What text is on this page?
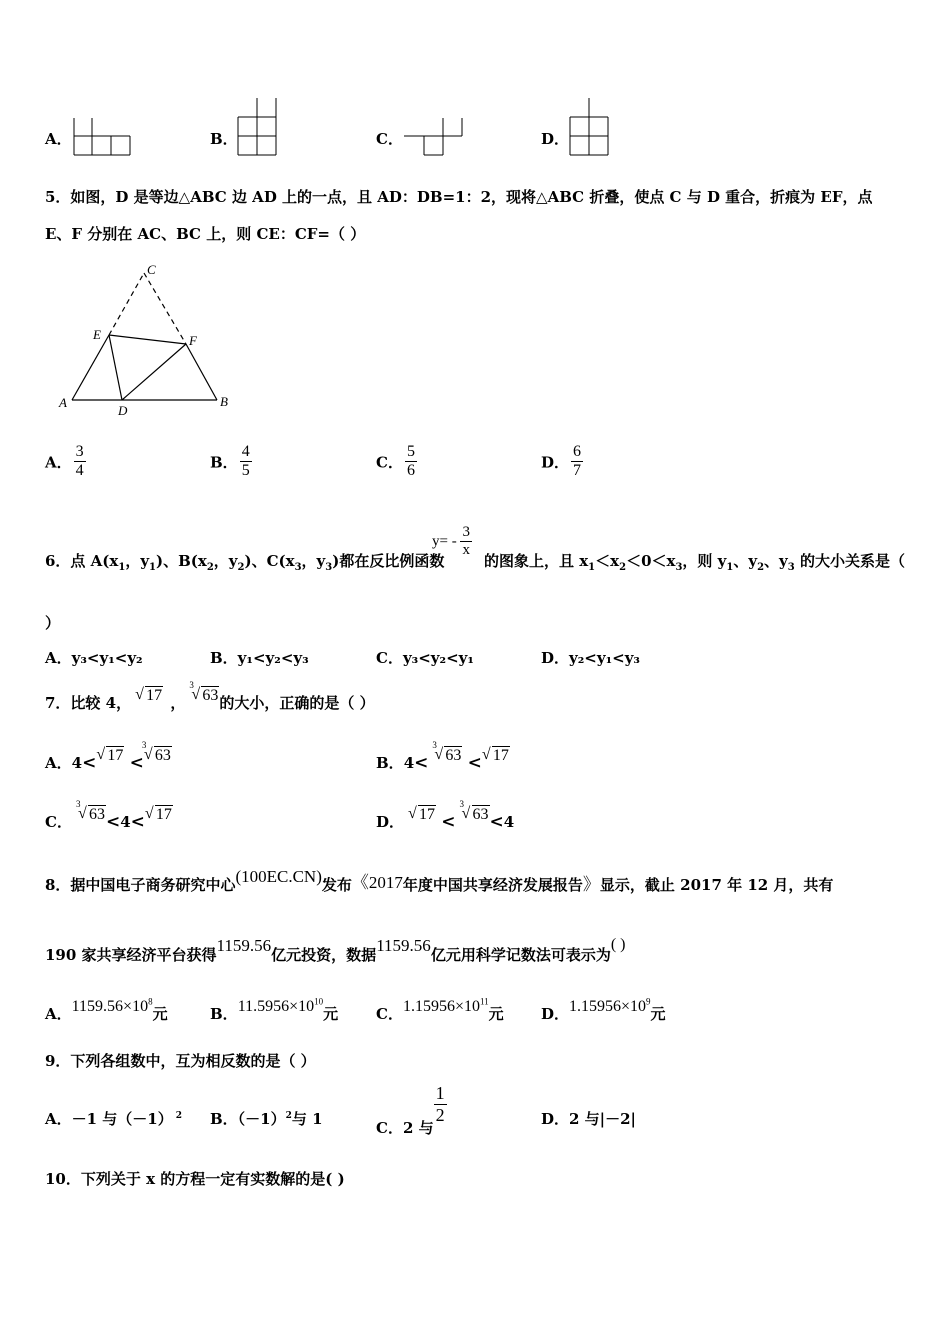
A．	B．	C．	D．
5．如图，D 是等边△ABC 边 AD 上的一点，且 AD：DB=1：2，现将△ABC 折叠，使点 C 与 D 重合，折痕为 EF，点
E、F 分别在 AC、BC 上，则 CE：CF=（ ）
C
E	F
A
D
B
A． $\frac{3}{4}$	B． $\frac{4}{5}$	C． $\frac{5}{6}$	D． $\frac{6}{7}$
6．点 $A(x_1$，$y_1$)、$B(x_2$，$y_2$)、$C(x_3$，$y_3$)都在反比例函数
$y= - \frac{3}{x}$
的图象上，且 $x_1<x_2<0<x_3$，则 $y_1$、$y_2$、$y_3$ 的大小关系是（
）
A．y₃<y₁<y₂	B．y₁<y₂<y₃	C．y₃<y₂<y₁	D．y₂<y₁<y₃
7．比较 4， √ 17 ，
3
√ 63的大小，正确的是（ ）
A．4< √ 17 <
3
√ 63	B．4<
3
√ 63 < √ 17
C．
3
√ 63<4< √ 17	D． √ 17 <
3
√ 63<4
8．据中国电子商务研究中心(100EC.CN)发布《2017年度中国共享经济发展报告》显示，截止 2017 年 12 月，共有
190 家共享经济平台获得1159.56亿元投资，数据1159.56亿元用科学记数法可表示为( )
A．$1159.56\times 10^8$元	B．$11.5956\times 10^{10}$元	C．$1.15956\times 10^{11}$元 D．$1.15956\times 10^9$元
9．下列各组数中，互为相反数的是（ ）
A．－1 与（－1） $^2$ B．$(-1)^2$与 1
C．2 与
$\frac{1}{2}$	D．2 与|－2|
10．下列关于 x 的方程一定有实数解的是( )
